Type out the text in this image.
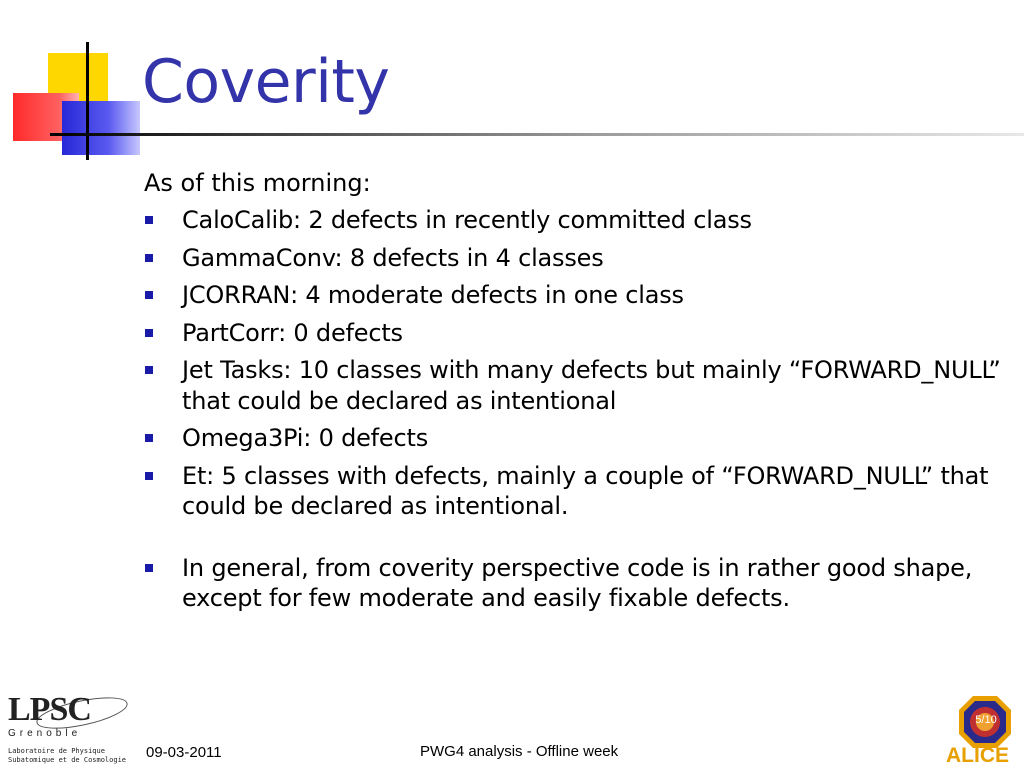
Coverity

As of this morning:

CaloCalib: 2 defects in recently committed class
GammaConv: 8 defects in 4 classes
JCORRAN: 4 moderate defects in one class
PartCorr: 0 defects
Jet Tasks: 10 classes with many defects but mainly “FORWARD_NULL” that could be declared as intentional
Omega3Pi: 0 defects
Et: 5 classes with defects, mainly a couple of “FORWARD_NULL” that could be declared as intentional.
In general, from coverity perspective code is in rather good shape, except for few moderate and easily fixable defects.
LPSC
Grenoble
Laboratoire de Physique
Subatomique et de Cosmologie 09-03-2011	PWG4 analysis - Offline week
5/10
ALICE
